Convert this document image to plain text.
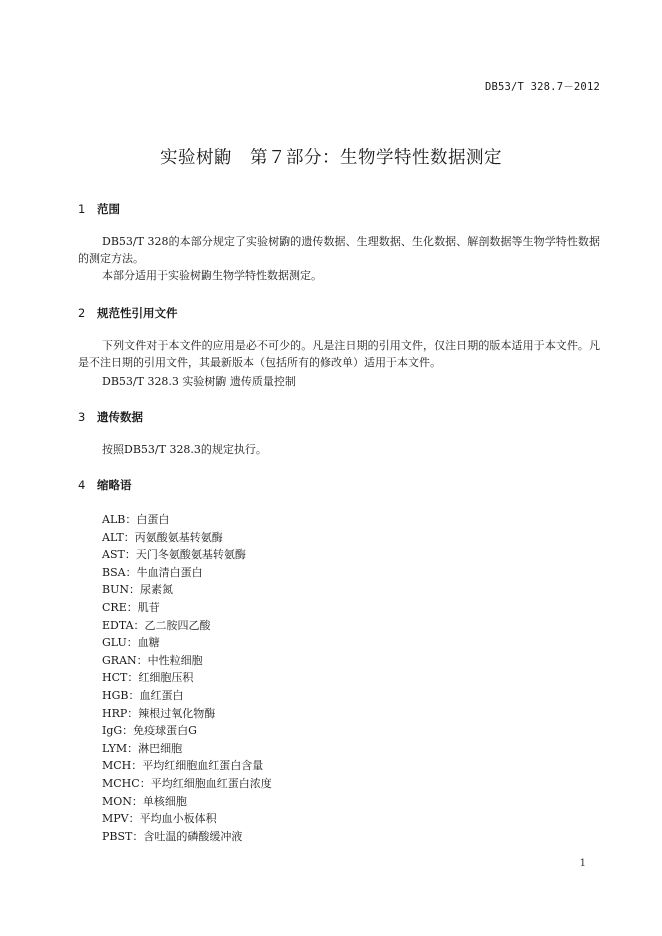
DB53/T 328.7－2012
实验树鼩　第７部分：生物学特性数据测定
1 范围
DB53/T 328的本部分规定了实验树鼩的遗传数据、生理数据、生化数据、解剖数据等生物学特性数据的测定方法。
本部分适用于实验树鼩生物学特性数据测定。
2 规范性引用文件
下列文件对于本文件的应用是必不可少的。凡是注日期的引用文件，仅注日期的版本适用于本文件。凡是不注日期的引用文件，其最新版本（包括所有的修改单）适用于本文件。
DB53/T 328.3 实验树鼩 遗传质量控制
3 遗传数据
按照DB53/T 328.3的规定执行。
4 缩略语
ALB：白蛋白
ALT：丙氨酸氨基转氨酶
AST：天门冬氨酸氨基转氨酶
BSA：牛血清白蛋白
BUN：尿素氮
CRE：肌苷
EDTA：乙二胺四乙酸
GLU：血糖
GRAN：中性粒细胞
HCT：红细胞压积
HGB：血红蛋白
HRP：辣根过氧化物酶
IgG：免疫球蛋白G
LYM：淋巴细胞
MCH：平均红细胞血红蛋白含量
MCHC：平均红细胞血红蛋白浓度
MON：单核细胞
MPV：平均血小板体积
PBST：含吐温的磷酸缓冲液
1
